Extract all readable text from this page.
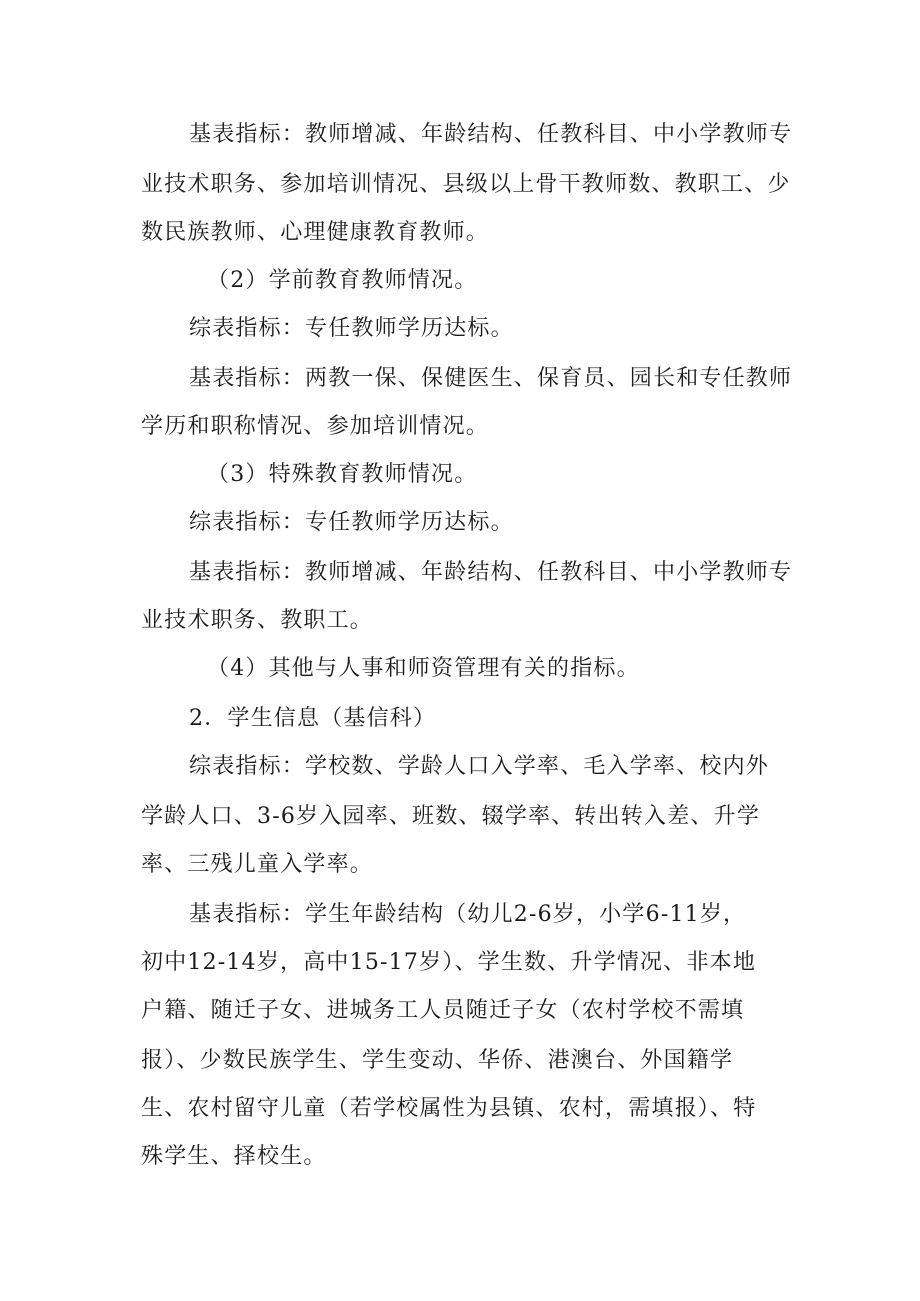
基表指标：教师增减、年龄结构、任教科目、中小学教师专
业技术职务、参加培训情况、县级以上骨干教师数、教职工、少
数民族教师、心理健康教育教师。
（2）学前教育教师情况。
综表指标：专任教师学历达标。
基表指标：两教一保、保健医生、保育员、园长和专任教师
学历和职称情况、参加培训情况。
（3）特殊教育教师情况。
综表指标：专任教师学历达标。
基表指标：教师增减、年龄结构、任教科目、中小学教师专
业技术职务、教职工。
（4）其他与人事和师资管理有关的指标。
2．学生信息（基信科）
综表指标：学校数、学龄人口入学率、毛入学率、校内外
学龄人口、3-6岁入园率、班数、辍学率、转出转入差、升学
率、三残儿童入学率。
基表指标：学生年龄结构（幼儿2-6岁，小学6-11岁，
初中12-14岁，高中15-17岁）、学生数、升学情况、非本地
户籍、随迁子女、进城务工人员随迁子女（农村学校不需填
报）、少数民族学生、学生变动、华侨、港澳台、外国籍学
生、农村留守儿童（若学校属性为县镇、农村，需填报）、特
殊学生、择校生。
